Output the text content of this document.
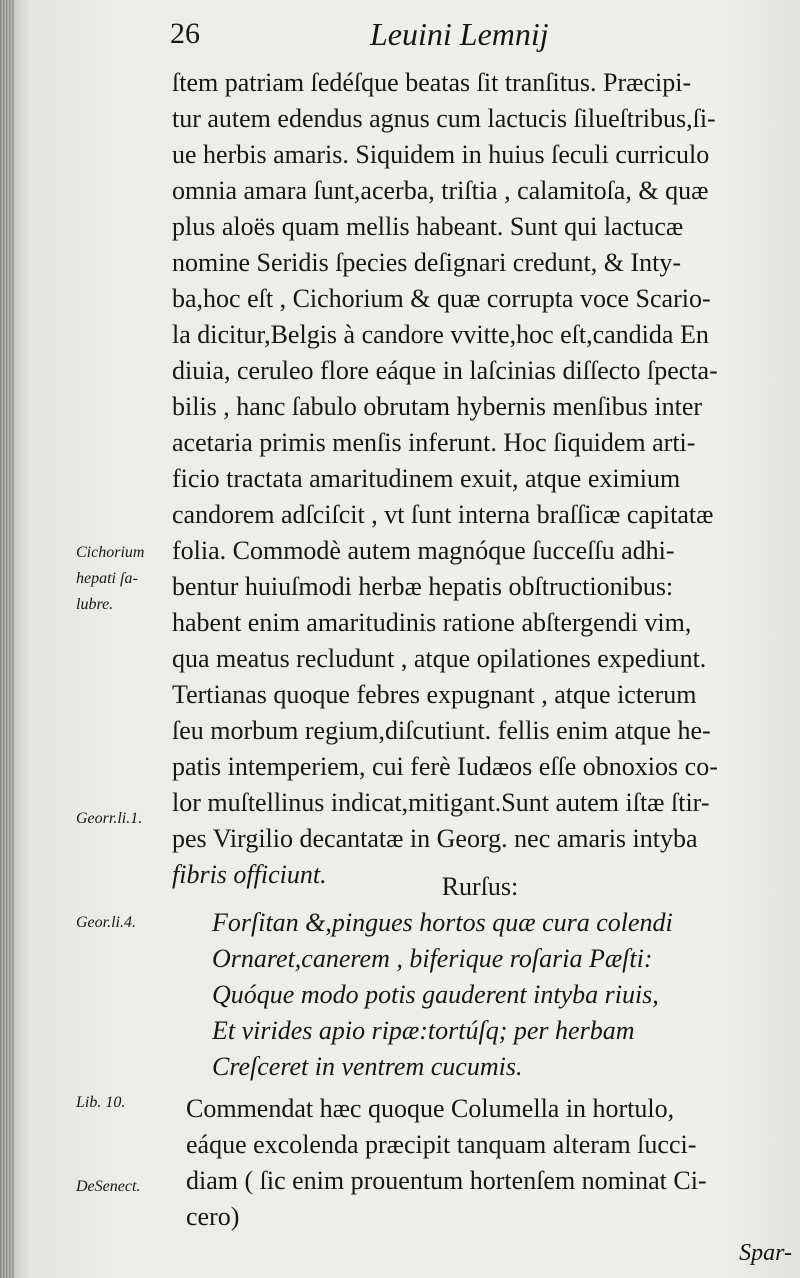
26	Leuini Lemnij
ſtem patriam ſedéſque beatas ſit tranſitus. Præcipi-
tur autem edendus agnus cum lactucis ſilueſtribus,ſi-
ue herbis amaris. Siquidem in huius ſeculi curriculo
omnia amara ſunt,acerba, triſtia , calamitoſa, & quæ
plus aloës quam mellis habeant. Sunt qui lactucæ
nomine Seridis ſpecies deſignari credunt, & Inty-
ba,hoc eſt , Cichorium & quæ corrupta voce Scario-
la dicitur,Belgis à candore vvitte,hoc eſt,candida En
diuia, ceruleo flore eáque in laſcinias diſſecto ſpecta-
bilis , hanc ſabulo obrutam hybernis menſibus inter
acetaria primis menſis inferunt. Hoc ſiquidem arti-
ficio tractata amaritudinem exuit, atque eximium
candorem adſciſcit , vt ſunt interna braſſicæ capitatæ
folia. Commodè autem magnóque ſucceſſu adhi-
bentur huiuſmodi herbæ hepatis obſtructionibus:
habent enim amaritudinis ratione abſtergendi vim,
qua meatus recludunt , atque opilationes expediunt.
Tertianas quoque febres expugnant , atque icterum
ſeu morbum regium,diſcutiunt. fellis enim atque he-
patis intemperiem, cui ferè Iudæos eſſe obnoxios co-
lor muſtellinus indicat,mitigant.Sunt autem iſtæ ſtir-
pes Virgilio decantatæ in Georg. nec amaris intyba
fibris officiunt.	Rurſus:
Forſitan &,pingues hortos quæ cura colendi
Ornaret,canerem , biferique roſaria Pæſti:
Quóque modo potis gauderent intyba riuis,
Et virides apio ripæ:tortúſq; per herbam
Creſceret in ventrem cucumis.
Commendat hæc quoque Columella in hortulo,
eáque excolenda præcipit tanquam alteram ſucci-
diam ( ſic enim prouentum hortenſem nominat Ci-
cero)
Cichorium
hepati ſa-
lubre.
Georr.li.1.
Geor.li.4.
Lib. 10.
DeSenect.
Spar-
